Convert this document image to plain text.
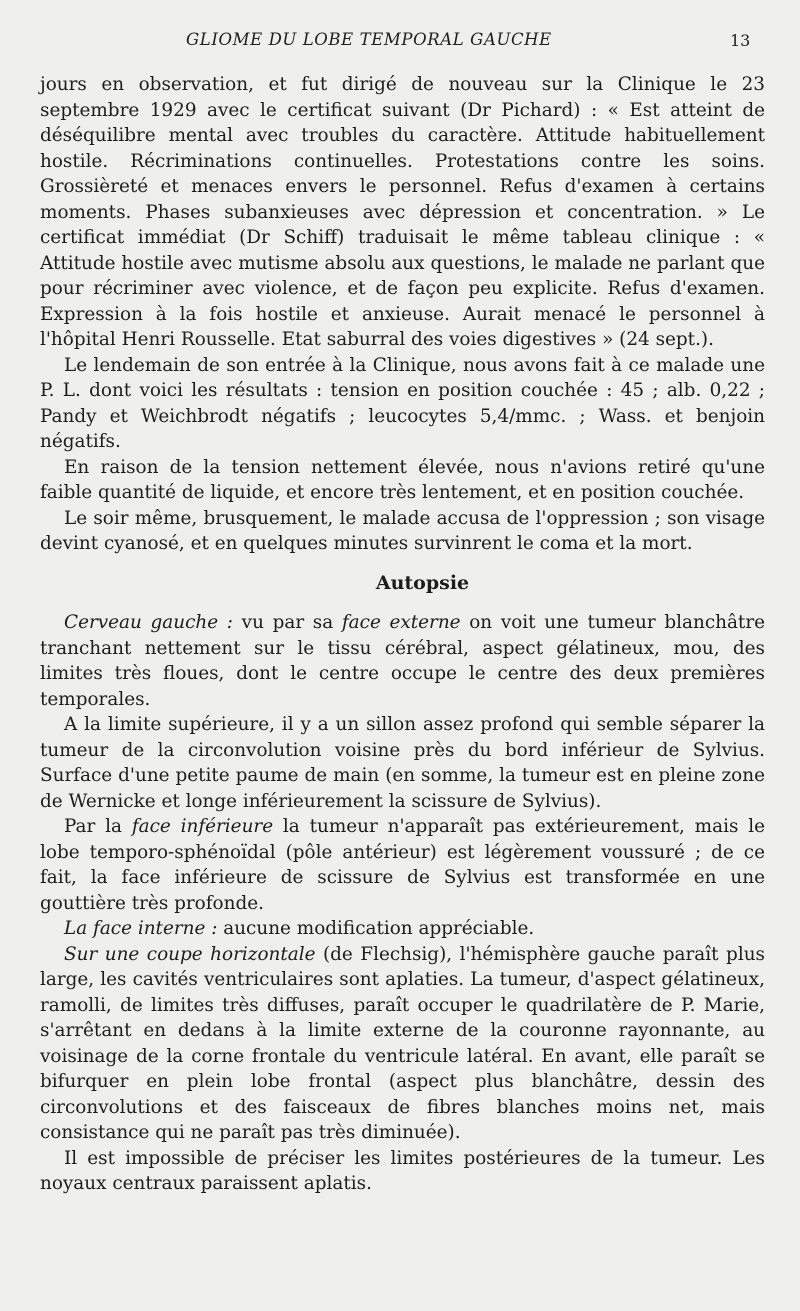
GLIOME DU LOBE TEMPORAL GAUCHE	13

jours en observation, et fut dirigé de nouveau sur la Clinique le 23 septembre 1929 avec le certificat suivant (Dr Pichard) : « Est atteint de déséquilibre mental avec troubles du caractère. Attitude habituellement hostile. Récriminations continuelles. Protestations contre les soins. Grossièreté et menaces envers le personnel. Refus d'examen à certains moments. Phases subanxieuses avec dépression et concentration. » Le certificat immédiat (Dr Schiff) traduisait le même tableau clinique : « Attitude hostile avec mutisme absolu aux questions, le malade ne parlant que pour récriminer avec violence, et de façon peu explicite. Refus d'examen. Expression à la fois hostile et anxieuse. Aurait menacé le personnel à l'hôpital Henri Rousselle. Etat saburral des voies digestives » (24 sept.).

Le lendemain de son entrée à la Clinique, nous avons fait à ce malade une P. L. dont voici les résultats : tension en position couchée : 45 ; alb. 0,22 ; Pandy et Weichbrodt négatifs ; leucocytes 5,4/mmc. ; Wass. et benjoin négatifs.

En raison de la tension nettement élevée, nous n'avions retiré qu'une faible quantité de liquide, et encore très lentement, et en position couchée.

Le soir même, brusquement, le malade accusa de l'oppression ; son visage devint cyanosé, et en quelques minutes survinrent le coma et la mort.

Autopsie

Cerveau gauche : vu par sa face externe on voit une tumeur blanchâtre tranchant nettement sur le tissu cérébral, aspect gélatineux, mou, des limites très floues, dont le centre occupe le centre des deux premières temporales.

A la limite supérieure, il y a un sillon assez profond qui semble séparer la tumeur de la circonvolution voisine près du bord inférieur de Sylvius. Surface d'une petite paume de main (en somme, la tumeur est en pleine zone de Wernicke et longe inférieurement la scissure de Sylvius).

Par la face inférieure la tumeur n'apparaît pas extérieurement, mais le lobe temporo-sphénoïdal (pôle antérieur) est légèrement voussuré ; de ce fait, la face inférieure de scissure de Sylvius est transformée en une gouttière très profonde.

La face interne : aucune modification appréciable.

Sur une coupe horizontale (de Flechsig), l'hémisphère gauche paraît plus large, les cavités ventriculaires sont aplaties. La tumeur, d'aspect gélatineux, ramolli, de limites très diffuses, paraît occuper le quadrilatère de P. Marie, s'arrêtant en dedans à la limite externe de la couronne rayonnante, au voisinage de la corne frontale du ventricule latéral. En avant, elle paraît se bifurquer en plein lobe frontal (aspect plus blanchâtre, dessin des circonvolutions et des faisceaux de fibres blanches moins net, mais consistance qui ne paraît pas très diminuée).

Il est impossible de préciser les limites postérieures de la tumeur. Les noyaux centraux paraissent aplatis.
